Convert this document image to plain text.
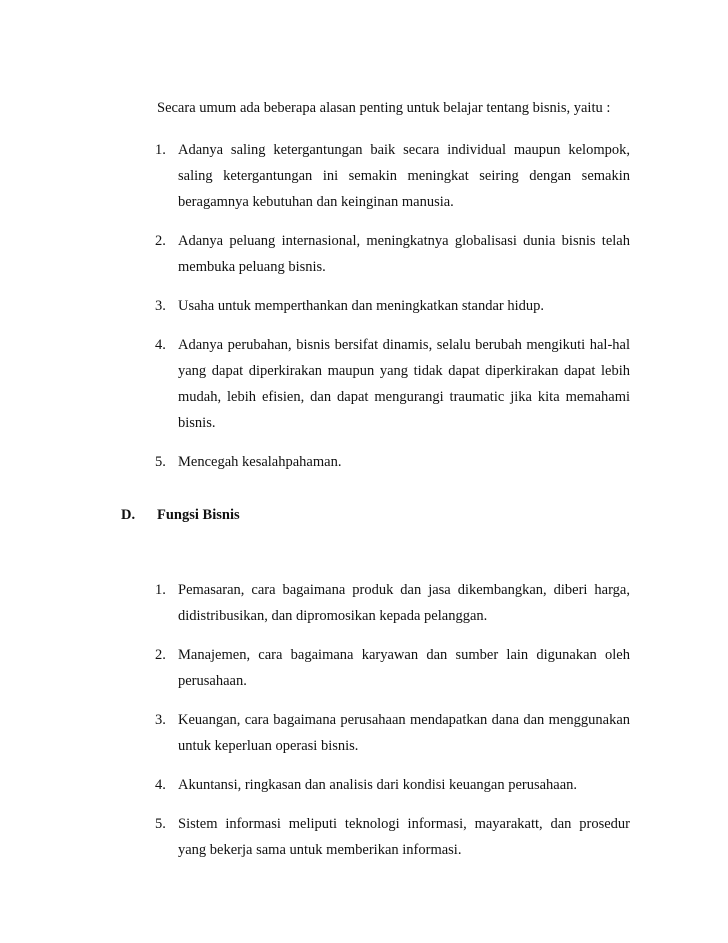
Secara umum ada beberapa alasan penting untuk belajar tentang bisnis, yaitu :

1. Adanya saling ketergantungan baik secara individual maupun kelompok, saling ketergantungan ini semakin meningkat seiring dengan semakin beragamnya kebutuhan dan keinginan manusia.
2. Adanya peluang internasional, meningkatnya globalisasi dunia bisnis telah membuka peluang bisnis.
3. Usaha untuk memperthankan dan meningkatkan standar hidup.
4. Adanya perubahan, bisnis bersifat dinamis, selalu berubah mengikuti hal-hal yang dapat diperkirakan maupun yang tidak dapat diperkirakan dapat lebih mudah, lebih efisien, dan dapat mengurangi traumatic jika kita memahami bisnis.
5. Mencegah kesalahpahaman.
D. Fungsi Bisnis
1. Pemasaran, cara bagaimana produk dan jasa dikembangkan, diberi harga, didistribusikan, dan dipromosikan kepada pelanggan.
2. Manajemen, cara bagaimana karyawan dan sumber lain digunakan oleh perusahaan.
3. Keuangan, cara bagaimana perusahaan mendapatkan dana dan menggunakan untuk keperluan operasi bisnis.
4. Akuntansi, ringkasan dan analisis dari kondisi keuangan perusahaan.
5. Sistem informasi meliputi teknologi informasi, mayarakatt, dan prosedur yang bekerja sama untuk memberikan informasi.
